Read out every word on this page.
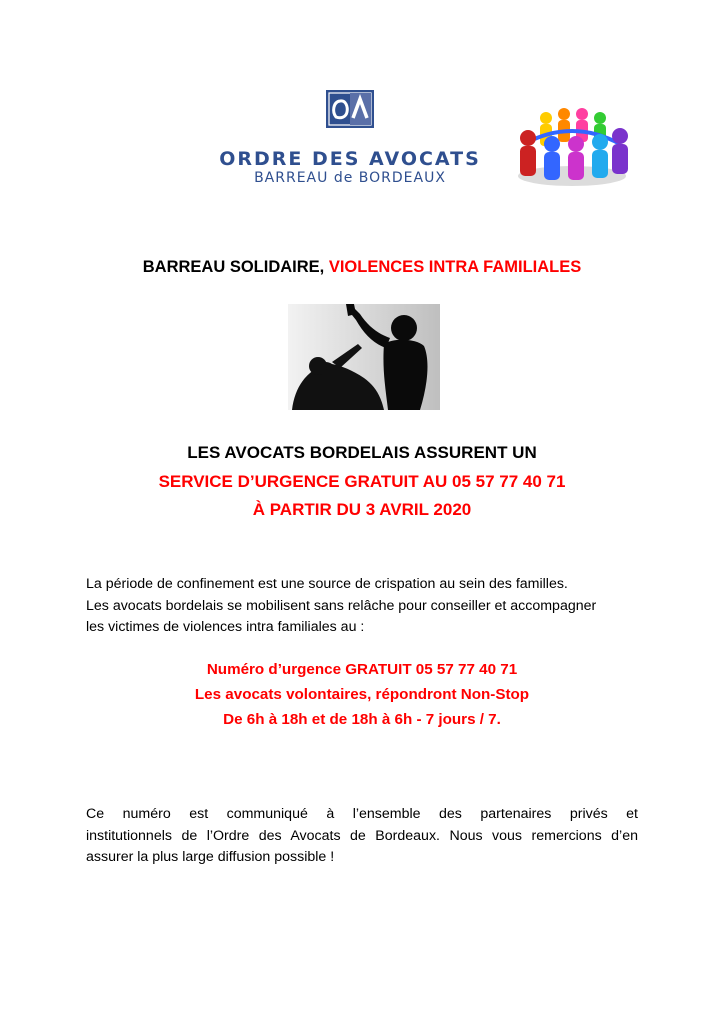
ORDRE DES AVOCATS
BARREAU de BORDEAUX
BARREAU SOLIDAIRE, VIOLENCES INTRA FAMILIALES
LES AVOCATS BORDELAIS ASSURENT UN
SERVICE D’URGENCE GRATUIT AU 05 57 77 40 71
À PARTIR DU 3 AVRIL 2020
La période de confinement est une source de crispation au sein des familles.
Les avocats bordelais se mobilisent sans relâche pour conseiller et accompagner
les victimes de violences intra familiales au :
Numéro d’urgence GRATUIT 05 57 77 40 71
Les avocats volontaires, répondront Non-Stop
De 6h à 18h et de 18h à 6h - 7 jours / 7.
Ce numéro est communiqué à l’ensemble des partenaires privés et
institutionnels de l’Ordre des Avocats de Bordeaux. Nous vous remercions d’en
assurer la plus large diffusion possible !
